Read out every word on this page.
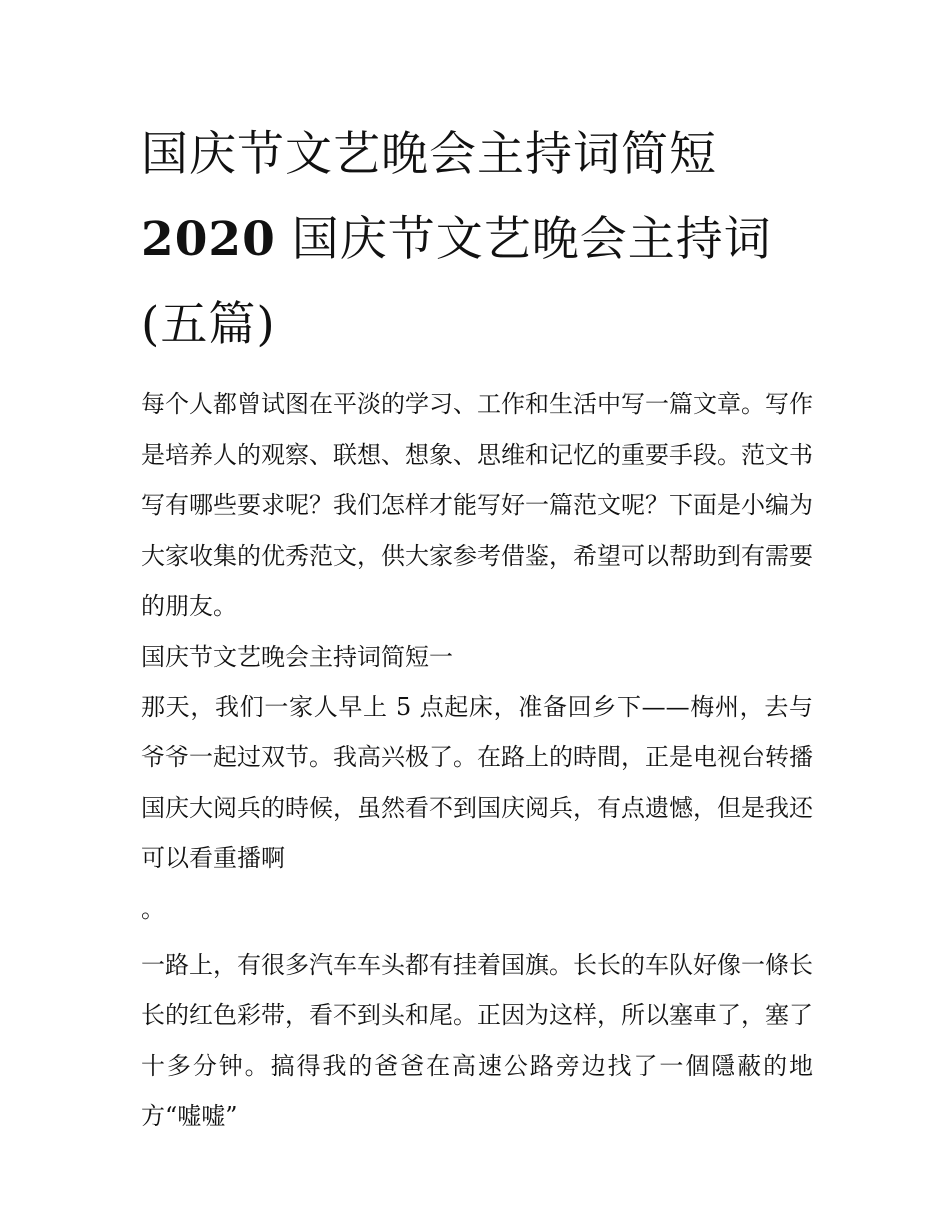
国庆节文艺晚会主持词简短
2020 国庆节文艺晚会主持词
(五篇)

每个人都曾试图在平淡的学习、工作和生活中写一篇文章。写作是培养人的观察、联想、想象、思维和记忆的重要手段。范文书写有哪些要求呢？我们怎样才能写好一篇范文呢？下面是小编为大家收集的优秀范文，供大家参考借鉴，希望可以帮助到有需要的朋友。

国庆节文艺晚会主持词简短一

那天，我们一家人早上 5 点起床，准备回乡下——梅州，去与爷爷一起过双节。我高兴极了。在路上的時間，正是电视台转播国庆大阅兵的時候，虽然看不到国庆阅兵，有点遗憾，但是我还可以看重播啊

。

一路上，有很多汽车车头都有挂着国旗。长长的车队好像一條长长的红色彩带，看不到头和尾。正因为这样，所以塞車了，塞了十多分钟。搞得我的爸爸在高速公路旁边找了一個隱蔽的地方“嘘嘘”
